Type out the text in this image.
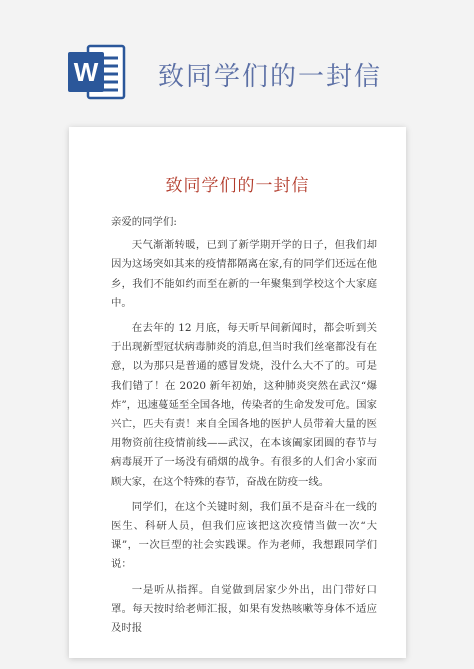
W 致同学们的一封信
致同学们的一封信

亲爱的同学们:

天气渐渐转暖，已到了新学期开学的日子，但我们却因为这场突如其来的疫情都隔离在家,有的同学们还远在他乡，我们不能如约而至在新的一年聚集到学校这个大家庭中。

在去年的 12 月底，每天听早间新闻时，都会听到关于出现新型冠状病毒肺炎的消息,但当时我们丝毫都没有在意，以为那只是普通的感冒发烧，没什么大不了的。可是我们错了！在 2020 新年初始，这种肺炎突然在武汉“爆炸”，迅速蔓延至全国各地，传染者的生命发发可危。国家兴亡，匹夫有责！来自全国各地的医护人员带着大量的医用物资前往疫情前线——武汉，在本该阖家团圆的春节与病毒展开了一场没有硝烟的战争。有很多的人们舍小家而顾大家，在这个特殊的春节，奋战在防疫一线。

同学们，在这个关键时刻，我们虽不是奋斗在一线的医生、科研人员，但我们应该把这次疫情当做一次“大课”，一次巨型的社会实践课。作为老师，我想跟同学们说：

一是听从指挥。自觉做到居家少外出，出门带好口罩。每天按时给老师汇报，如果有发热咳嗽等身体不适应及时报
